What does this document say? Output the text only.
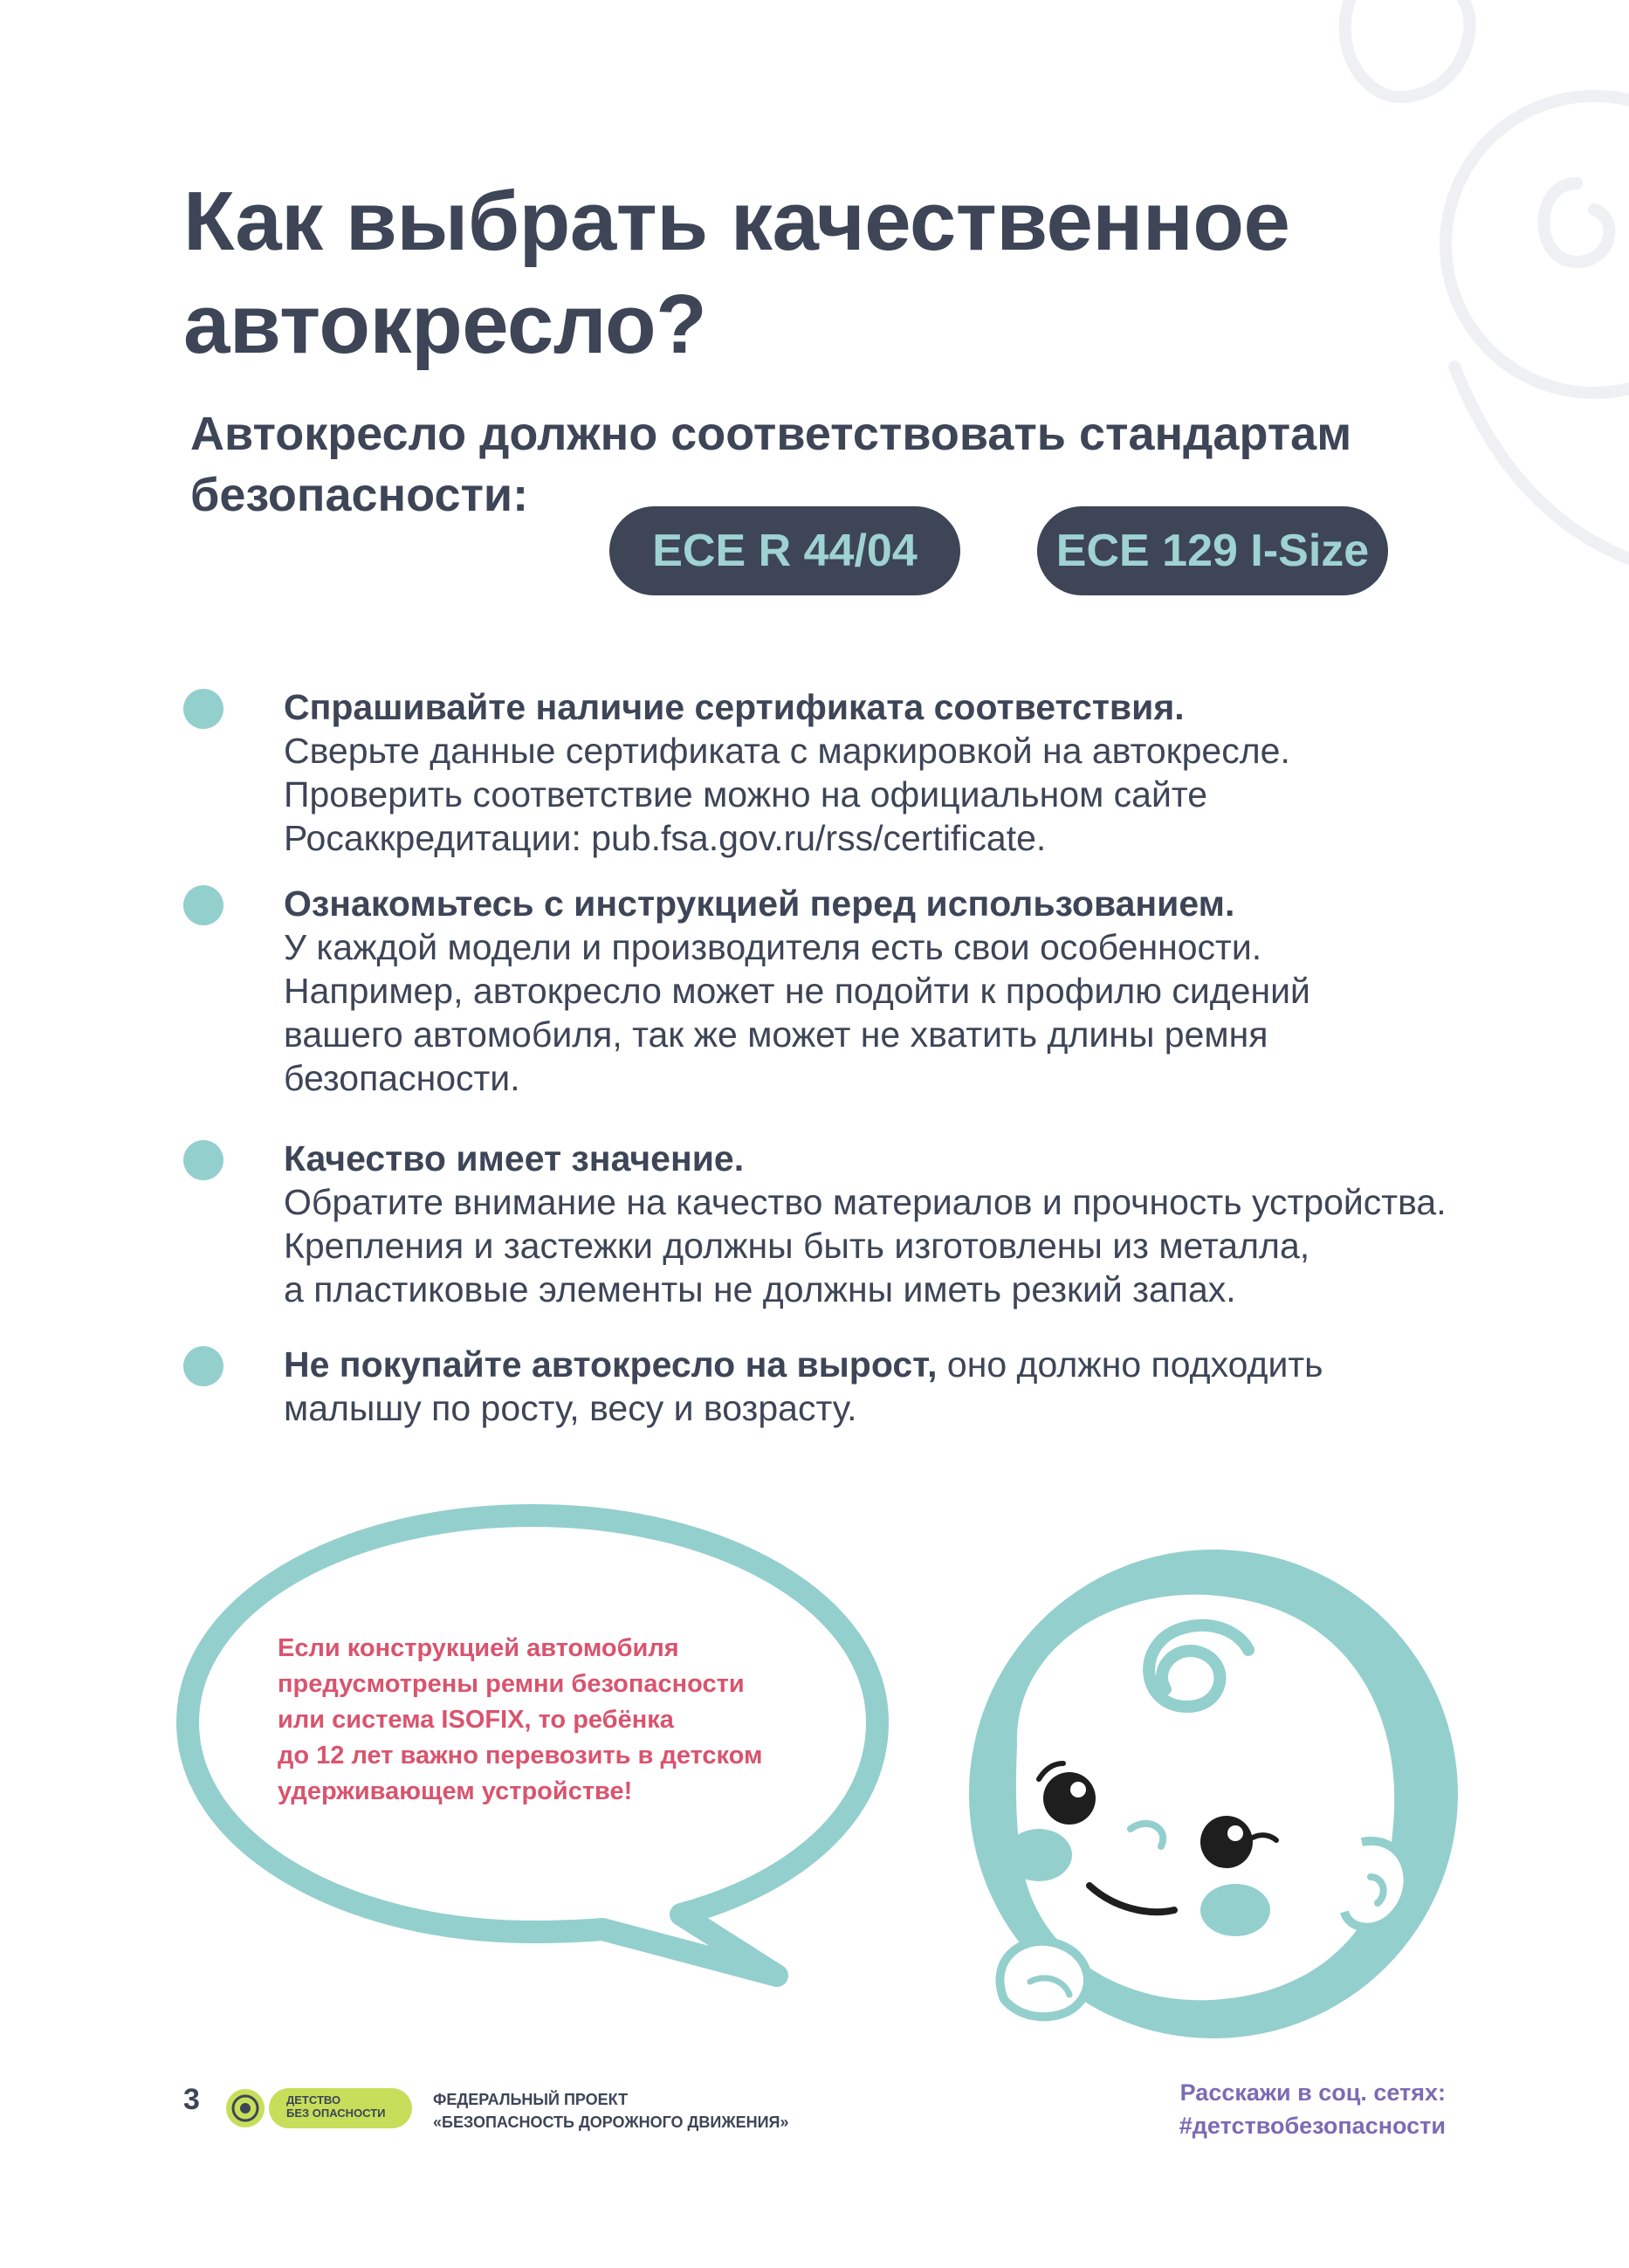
Как выбрать качественное автокресло?

Автокресло должно соответствовать стандартам безопасности:

ECE R 44/04	ECE 129 I-Size
Спрашивайте наличие сертификата соответствия.
Сверьте данные сертификата с маркировкой на автокресле.
Проверить соответствие можно на официальном сайте
Росаккредитации: pub.fsa.gov.ru/rss/certificate.
Ознакомьтесь с инструкцией перед использованием.
У каждой модели и производителя есть свои особенности.
Например, автокресло может не подойти к профилю сидений
вашего автомобиля, так же может не хватить длины ремня
безопасности.
Качество имеет значение.
Обратите внимание на качество материалов и прочность устройства.
Крепления и застежки должны быть изготовлены из металла,
а пластиковые элементы не должны иметь резкий запах.
Не покупайте автокресло на вырост, оно должно подходить
малышу по росту, весу и возрасту.
Если конструкцией автомобиля
предусмотрены ремни безопасности
или система ISOFIX, то ребёнка
до 12 лет важно перевозить в детском
удерживающем устройстве!
3	ДЕТСТВО
БЕЗ ОПАСНОСТИ
ФЕДЕРАЛЬНЫЙ ПРОЕКТ
«БЕЗОПАСНОСТЬ ДОРОЖНОГО ДВИЖЕНИЯ»
Расскажи в соц. сетях:
#детствобезопасности
